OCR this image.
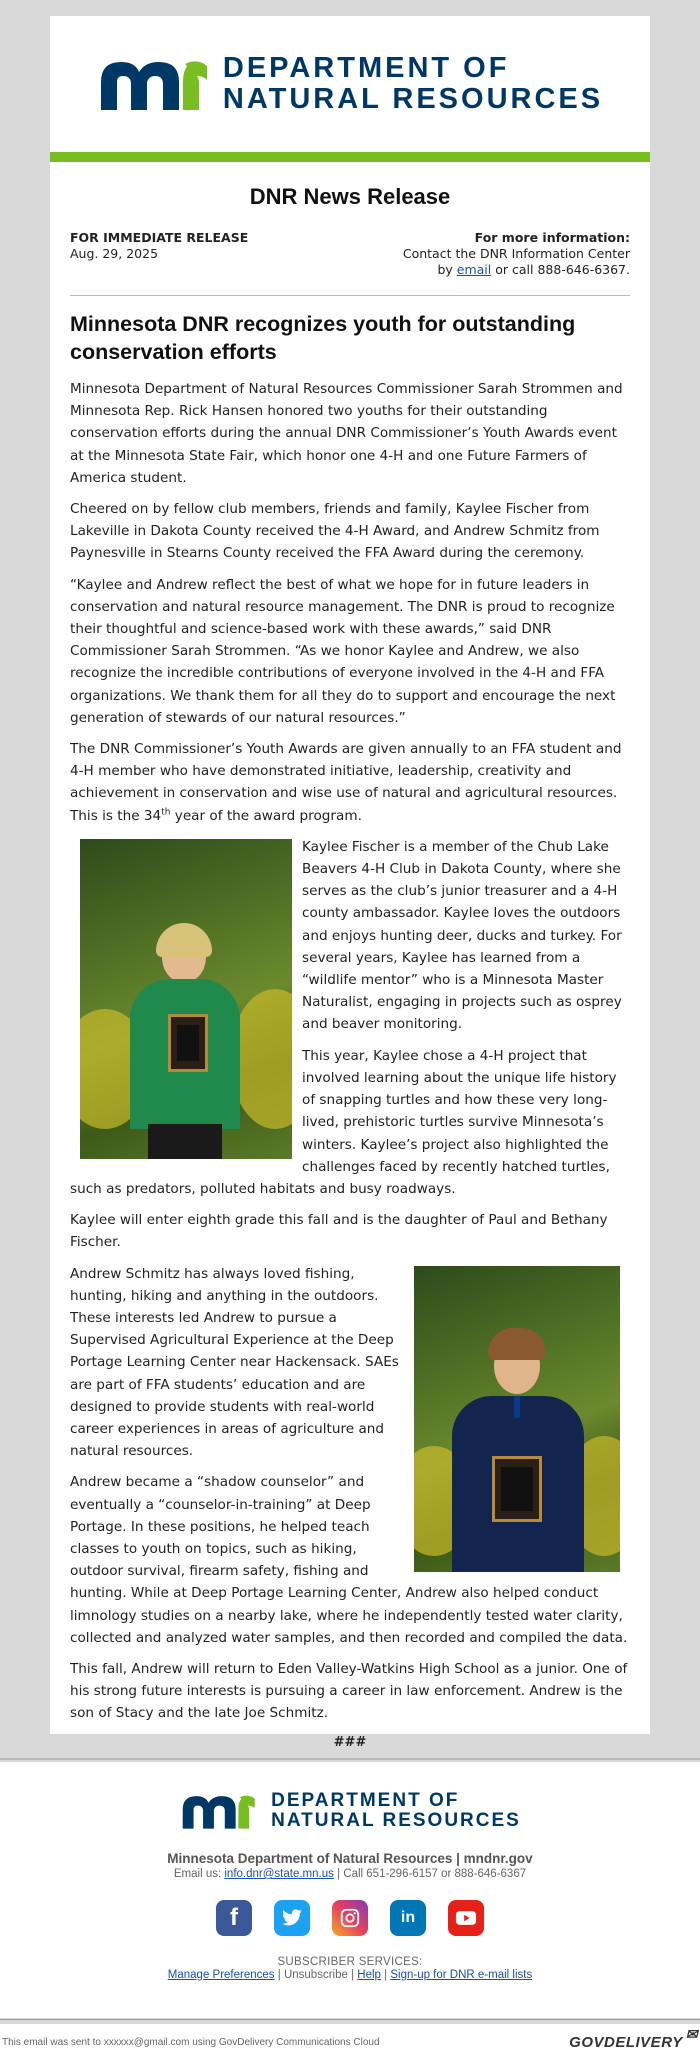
DEPARTMENT OF
NATURAL RESOURCES
DNR News Release
FOR IMMEDIATE RELEASE
Aug. 29, 2025
For more information:
Contact the DNR Information Center
by email or call 888-646-6367.
Minnesota DNR recognizes youth for outstanding conservation efforts

Minnesota Department of Natural Resources Commissioner Sarah Strommen and Minnesota Rep. Rick Hansen honored two youths for their outstanding conservation efforts during the annual DNR Commissioner’s Youth Awards event at the Minnesota State Fair, which honor one 4-H and one Future Farmers of America student.

Cheered on by fellow club members, friends and family, Kaylee Fischer from Lakeville in Dakota County received the 4-H Award, and Andrew Schmitz from Paynesville in Stearns County received the FFA Award during the ceremony.

“Kaylee and Andrew reflect the best of what we hope for in future leaders in conservation and natural resource management. The DNR is proud to recognize their thoughtful and science-based work with these awards,” said DNR Commissioner Sarah Strommen. “As we honor Kaylee and Andrew, we also recognize the incredible contributions of everyone involved in the 4-H and FFA organizations. We thank them for all they do to support and encourage the next generation of stewards of our natural resources.”

The DNR Commissioner’s Youth Awards are given annually to an FFA student and 4-H member who have demonstrated initiative, leadership, creativity and achievement in conservation and wise use of natural and agricultural resources. This is the 34th year of the award program.

Kaylee Fischer is a member of the Chub Lake Beavers 4-H Club in Dakota County, where she serves as the club’s junior treasurer and a 4-H county ambassador. Kaylee loves the outdoors and enjoys hunting deer, ducks and turkey. For several years, Kaylee has learned from a “wildlife mentor” who is a Minnesota Master Naturalist, engaging in projects such as osprey and beaver monitoring.

This year, Kaylee chose a 4-H project that involved learning about the unique life history of snapping turtles and how these very long-lived, prehistoric turtles survive Minnesota’s winters. Kaylee’s project also highlighted the challenges faced by recently hatched turtles, such as predators, polluted habitats and busy roadways.

Kaylee will enter eighth grade this fall and is the daughter of Paul and Bethany Fischer.

Andrew Schmitz has always loved fishing, hunting, hiking and anything in the outdoors. These interests led Andrew to pursue a Supervised Agricultural Experience at the Deep Portage Learning Center near Hackensack. SAEs are part of FFA students’ education and are designed to provide students with real-world career experiences in areas of agriculture and natural resources.

Andrew became a “shadow counselor” and eventually a “counselor-in-training” at Deep Portage. In these positions, he helped teach classes to youth on topics, such as hiking, outdoor survival, firearm safety, fishing and hunting. While at Deep Portage Learning Center, Andrew also helped conduct limnology studies on a nearby lake, where he independently tested water clarity, collected and analyzed water samples, and then recorded and compiled the data.

This fall, Andrew will return to Eden Valley-Watkins High School as a junior. One of his strong future interests is pursuing a career in law enforcement. Andrew is the son of Stacy and the late Joe Schmitz.

###
DEPARTMENT OF
NATURAL RESOURCES
Minnesota Department of Natural Resources | mndnr.gov
Email us: info.dnr@state.mn.us | Call 651-296-6157 or 888-646-6367
f	in
SUBSCRIBER SERVICES:
Manage Preferences | Unsubscribe | Help | Sign-up for DNR e-mail lists
This email was sent to xxxxxx@gmail.com using GovDelivery Communications Cloud	GOVDELIVERY ✉
